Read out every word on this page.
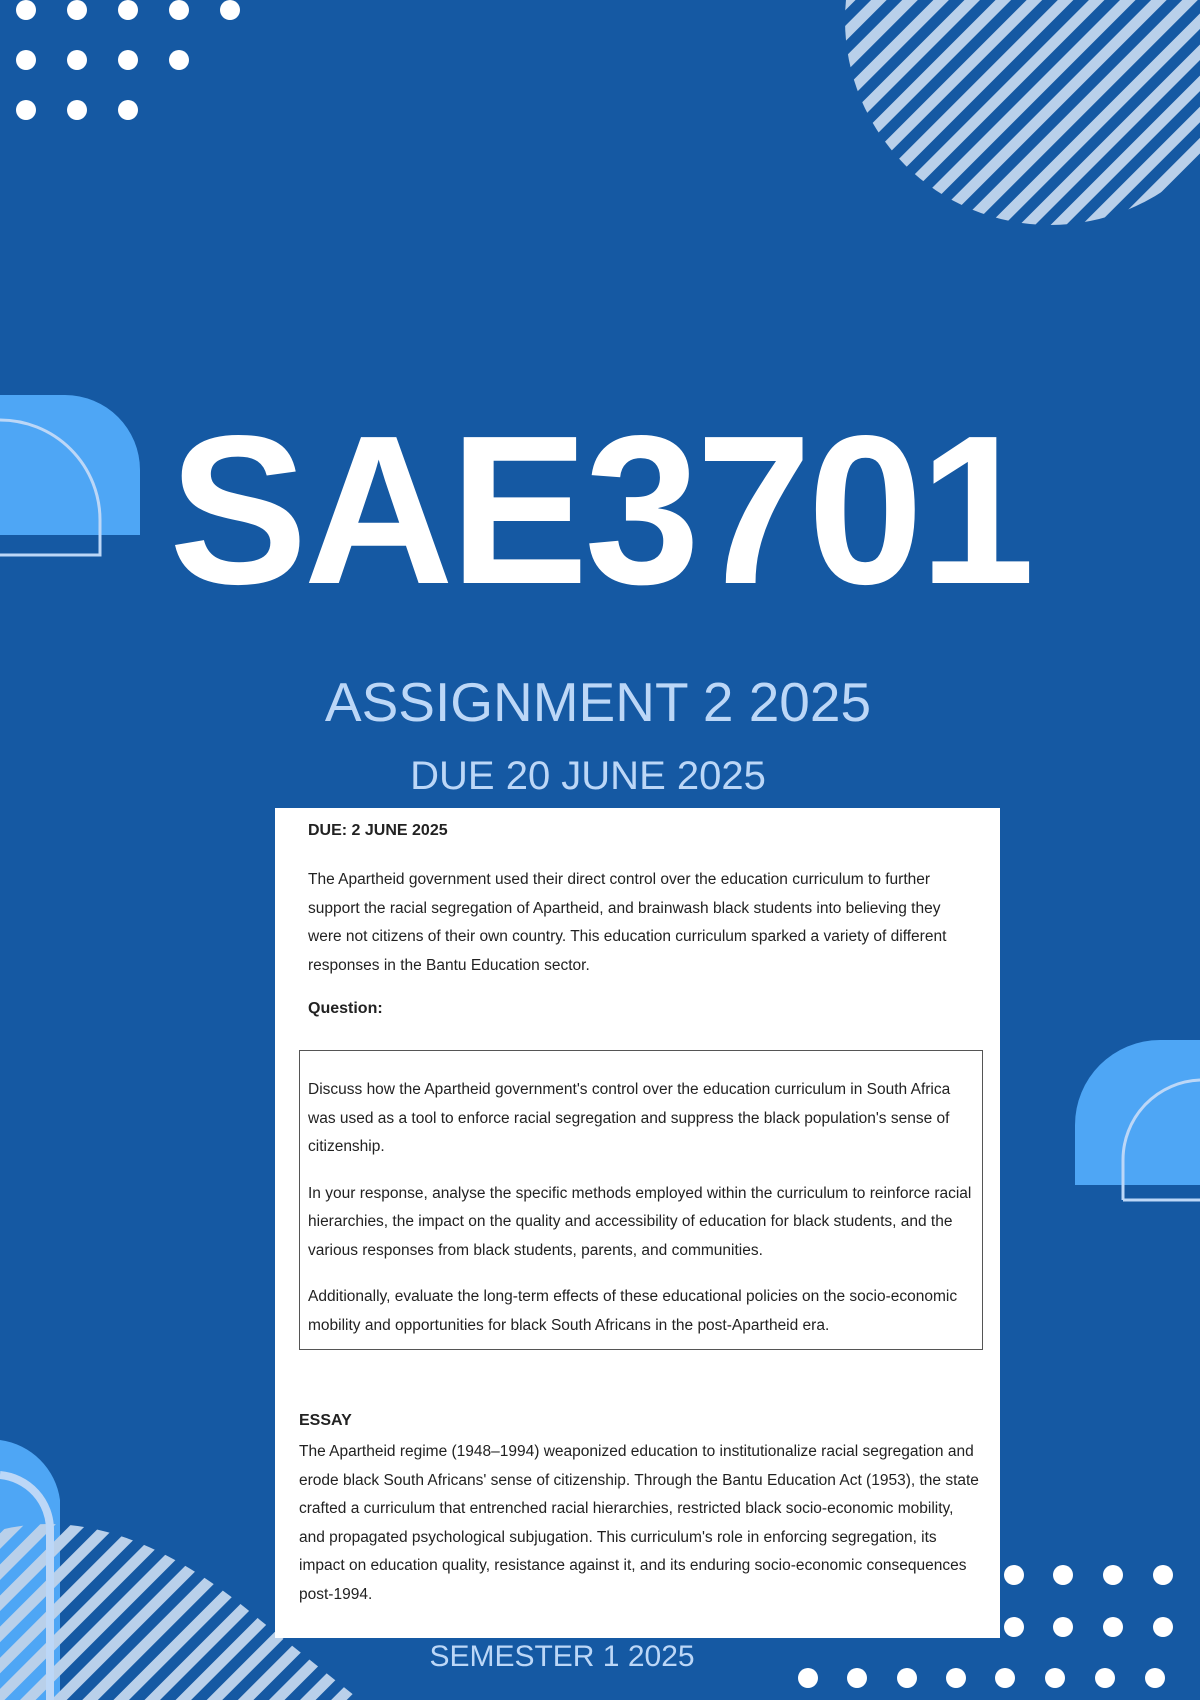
SAE3701
ASSIGNMENT 2 2025
DUE 20 JUNE 2025
DUE: 2 JUNE 2025
The Apartheid government used their direct control over the education curriculum to further support the racial segregation of Apartheid, and brainwash black students into believing they were not citizens of their own country. This education curriculum sparked a variety of different responses in the Bantu Education sector.
Question:

Discuss how the Apartheid government's control over the education curriculum in South Africa was used as a tool to enforce racial segregation and suppress the black population's sense of citizenship.

In your response, analyse the specific methods employed within the curriculum to reinforce racial hierarchies, the impact on the quality and accessibility of education for black students, and the various responses from black students, parents, and communities.

Additionally, evaluate the long-term effects of these educational policies on the socio-economic mobility and opportunities for black South Africans in the post-Apartheid era.

ESSAY
The Apartheid regime (1948–1994) weaponized education to institutionalize racial segregation and erode black South Africans' sense of citizenship. Through the Bantu Education Act (1953), the state crafted a curriculum that entrenched racial hierarchies, restricted black socio-economic mobility, and propagated psychological subjugation. This curriculum's role in enforcing segregation, its impact on education quality, resistance against it, and its enduring socio-economic consequences post-1994.
SEMESTER 1 2025
